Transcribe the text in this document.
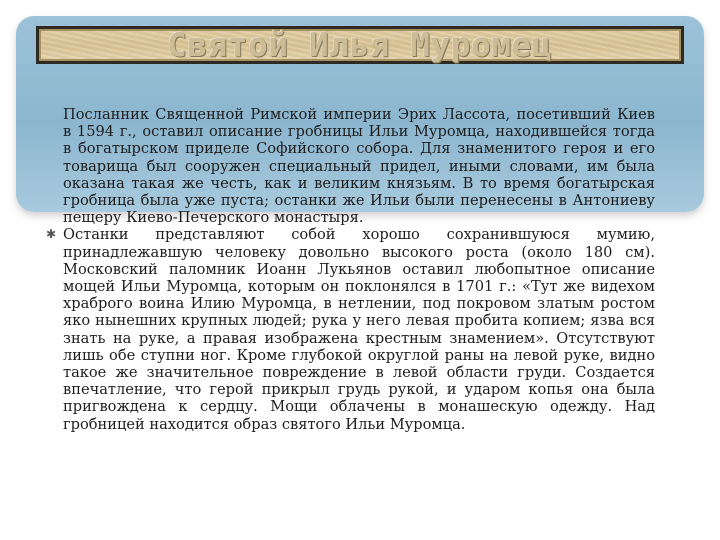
Святой Илья Муромец

✱ Посланник Священной Римской империи Эрих Лассота, посетивший Киев в 1594 г., оставил описание гробницы Ильи Муромца, находившейся тогда в богатырском приделе Софийского собора. Для знаменитого героя и его товарища был сооружен специальный придел, иными словами, им была оказана такая же честь, как и великим князьям. В то время богатырская гробница была уже пуста; останки же Ильи были перенесены в Антониеву пещеру Киево-Печерского монастыря.

✱ Останки представляют собой хорошо сохранившуюся мумию, принадлежавшую человеку довольно высокого роста (около 180 см). Московский паломник Иоанн Лукьянов оставил любопытное описание мощей Ильи Муромца, которым он поклонялся в 1701 г.: «Тут же видехом храброго воина Илию Муромца, в нетлении, под покровом златым ростом яко нынешних крупных людей; рука у него левая пробита копием; язва вся знать на руке, а правая изображена крестным знамением». Отсутствуют лишь обе ступни ног. Кроме глубокой округлой раны на левой руке, видно такое же значительное повреждение в левой области груди. Создается впечатление, что герой прикрыл грудь рукой, и ударом копья она была пригвождена к сердцу. Мощи облачены в монашескую одежду. Над гробницей находится образ святого Ильи Муромца.
